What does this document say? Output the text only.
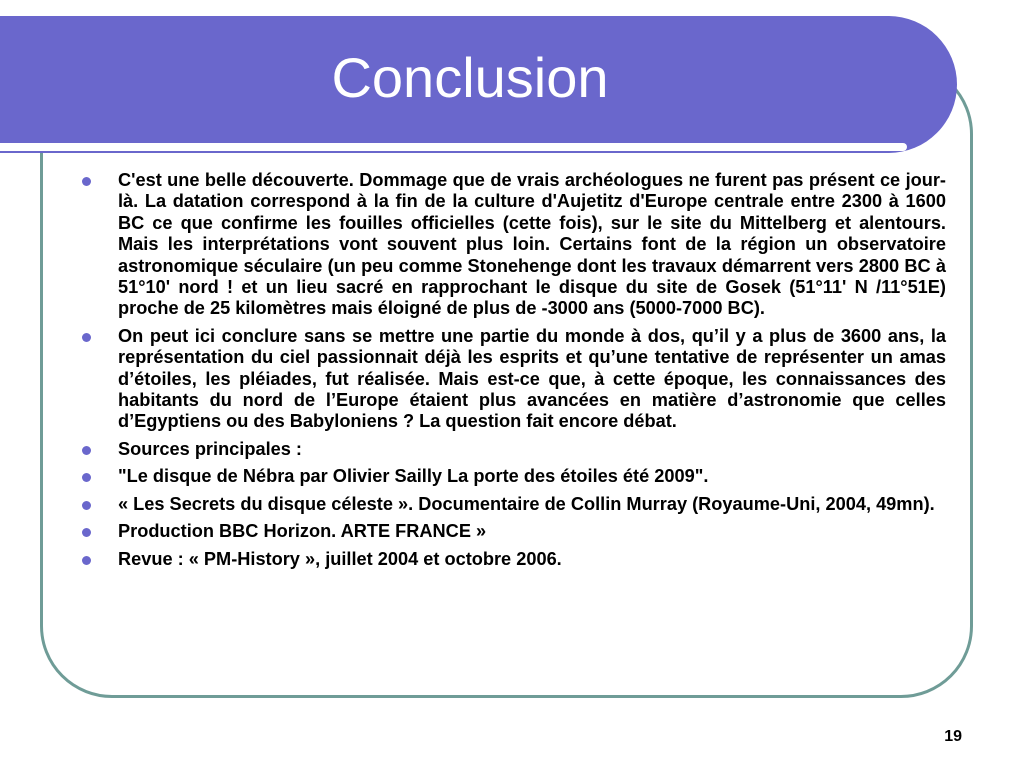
Conclusion
C'est une belle découverte. Dommage que de vrais archéologues ne furent pas présent ce jour-là. La datation correspond à la fin de la culture d'Aujetitz d'Europe centrale entre 2300 à 1600 BC ce que confirme les fouilles officielles (cette fois), sur le site du Mittelberg et alentours. Mais les interprétations vont souvent plus loin. Certains font de la région un observatoire astronomique séculaire (un peu comme Stonehenge dont les travaux démarrent vers 2800 BC à 51°10' nord ! et un lieu sacré en rapprochant le disque du site de Gosek (51°11' N /11°51E) proche de 25 kilomètres mais éloigné de plus de -3000 ans (5000-7000 BC).
On peut ici conclure sans se mettre une partie du monde à dos, qu’il y a plus de 3600 ans, la représentation du ciel passionnait déjà les esprits et qu’une tentative de représenter un amas d’étoiles, les pléiades, fut réalisée. Mais est-ce que, à cette époque, les connaissances des habitants du nord de l’Europe étaient plus avancées en matière d’astronomie que celles d’Egyptiens ou des Babyloniens ? La question fait encore débat.
Sources principales :
"Le disque de Nébra par Olivier Sailly La porte des étoiles été 2009".
« Les Secrets du disque céleste ». Documentaire de Collin Murray (Royaume-Uni, 2004, 49mn).
Production BBC Horizon. ARTE FRANCE »
Revue : « PM-History », juillet 2004 et octobre 2006.
19
